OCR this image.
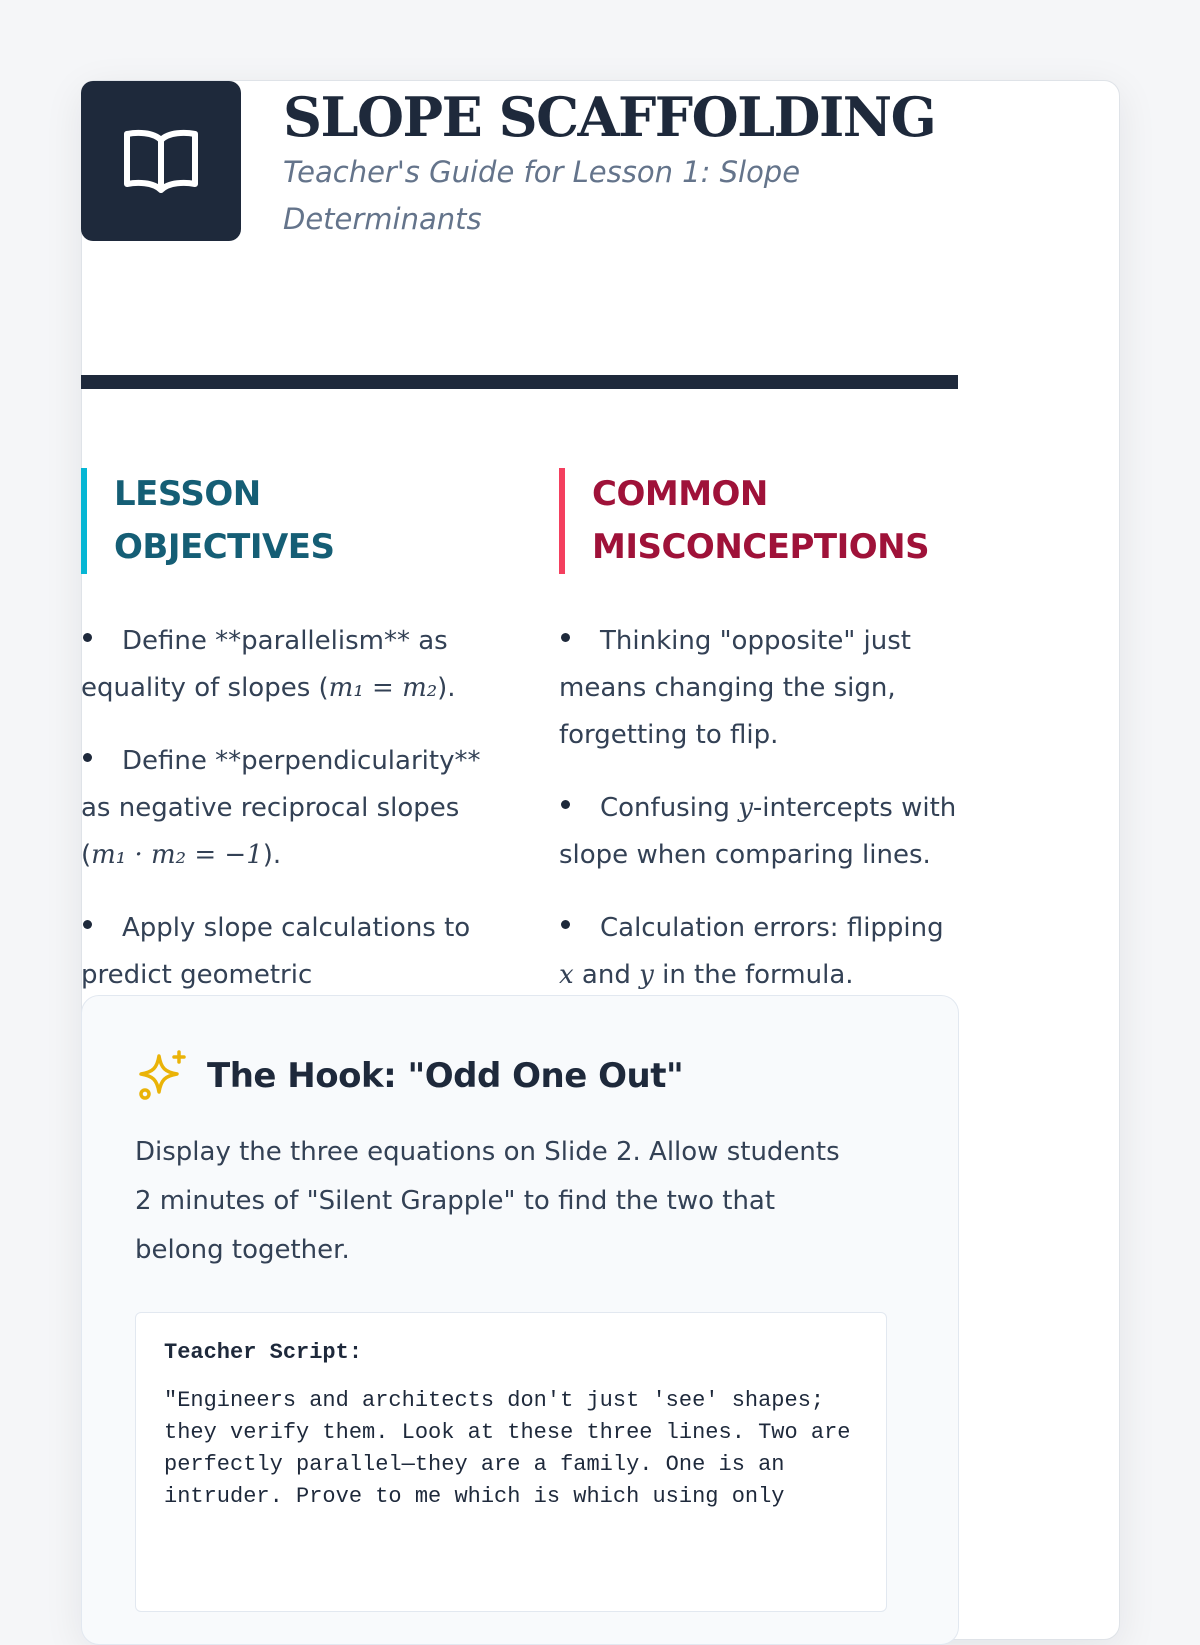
SLOPE SCAFFOLDING
Teacher's Guide for Lesson 1: Slope Determinants
LESSON OBJECTIVES
Define **parallelism** as equality of slopes (m₁ = m₂).
Define **perpendicularity** as negative reciprocal slopes (m₁ · m₂ = −1).
Apply slope calculations to predict geometric
COMMON MISCONCEPTIONS
Thinking "opposite" just means changing the sign, forgetting to flip.
Confusing y-intercepts with slope when comparing lines.
Calculation errors: flipping x and y in the formula.
The Hook: "Odd One Out"
Display the three equations on Slide 2. Allow students 2 minutes of "Silent Grapple" to find the two that belong together.
Teacher Script:
"Engineers and architects don't just 'see' shapes; they verify them. Look at these three lines. Two are perfectly parallel—they are a family. One is an intruder. Prove to me which is which using only
